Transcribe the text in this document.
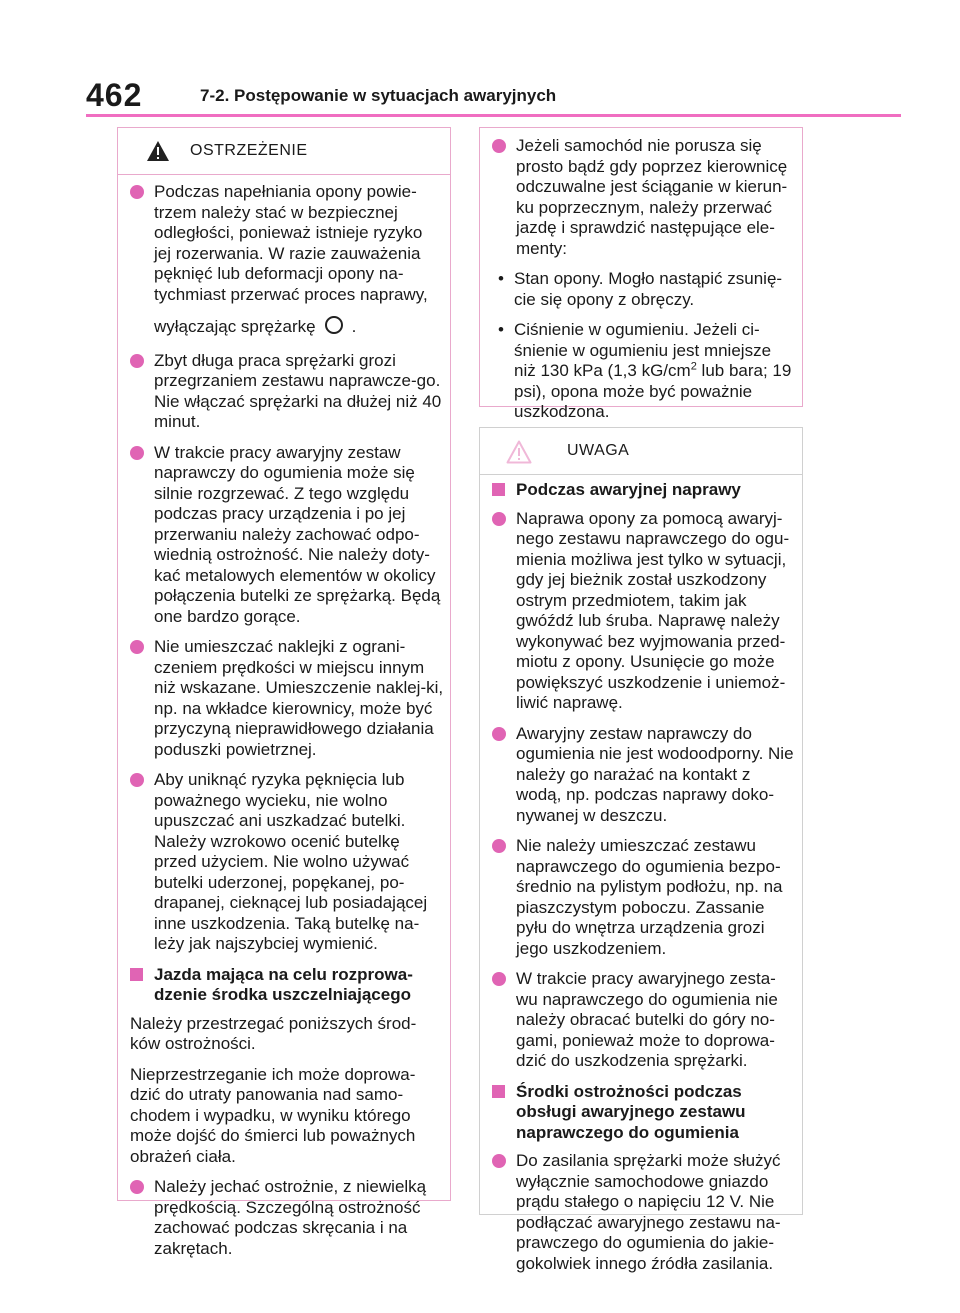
462	7-2. Postępowanie w sytuacjach awaryjnych
OSTRZEŻENIE
Podczas napełniania opony powie-trzem należy stać w bezpiecznej odległości, ponieważ istnieje ryzyko jej rozerwania. W razie zauważenia pęknięć lub deformacji opony na-tychmiast przerwać proces naprawy,
wyłączając sprężarkę .
Zbyt długa praca sprężarki grozi przegrzaniem zestawu naprawcze-go. Nie włączać sprężarki na dłużej niż 40 minut.
W trakcie pracy awaryjny zestaw naprawczy do ogumienia może się silnie rozgrzewać. Z tego względu podczas pracy urządzenia i po jej przerwaniu należy zachować odpo-wiednią ostrożność. Nie należy doty-kać metalowych elementów w okolicy połączenia butelki ze sprężarką. Będą one bardzo gorące.
Nie umieszczać naklejki z ograni-czeniem prędkości w miejscu innym niż wskazane. Umieszczenie naklej-ki, np. na wkładce kierownicy, może być przyczyną nieprawidłowego działania poduszki powietrznej.
Aby uniknąć ryzyka pęknięcia lub poważnego wycieku, nie wolno upuszczać ani uszkadzać butelki. Należy wzrokowo ocenić butelkę przed użyciem. Nie wolno używać butelki uderzonej, popękanej, po-drapanej, cieknącej lub posiadającej inne uszkodzenia. Taką butelkę na-leży jak najszybciej wymienić.
Jazda mająca na celu rozprowa-dzenie środka uszczelniającego
Należy przestrzegać poniższych środ-ków ostrożności.
Nieprzestrzeganie ich może doprowa-dzić do utraty panowania nad samo-chodem i wypadku, w wyniku którego może dojść do śmierci lub poważnych obrażeń ciała.
Należy jechać ostrożnie, z niewielką prędkością. Szczególną ostrożność zachować podczas skręcania i na zakrętach.
Jeżeli samochód nie porusza się prosto bądź gdy poprzez kierownicę odczuwalne jest ściąganie w kierun-ku poprzecznym, należy przerwać jazdę i sprawdzić następujące ele-menty:
• Stan opony. Mogło nastąpić zsunię-cie się opony z obręczy.
• Ciśnienie w ogumieniu. Jeżeli ci-śnienie w ogumieniu jest mniejsze niż 130 kPa (1,3 $kG/cm^2$ lub bara; 19 psi), opona może być poważnie uszkodzona.
UWAGA
Podczas awaryjnej naprawy
Naprawa opony za pomocą awaryj-nego zestawu naprawczego do ogu-mienia możliwa jest tylko w sytuacji, gdy jej bieżnik został uszkodzony ostrym przedmiotem, takim jak gwóźdź lub śruba. Naprawę należy wykonywać bez wyjmowania przed-miotu z opony. Usunięcie go może powiększyć uszkodzenie i uniemoż-liwić naprawę.
Awaryjny zestaw naprawczy do ogumienia nie jest wodoodporny. Nie należy go narażać na kontakt z wodą, np. podczas naprawy doko-nywanej w deszczu.
Nie należy umieszczać zestawu naprawczego do ogumienia bezpo-średnio na pylistym podłożu, np. na piaszczystym poboczu. Zassanie pyłu do wnętrza urządzenia grozi jego uszkodzeniem.
W trakcie pracy awaryjnego zesta-wu naprawczego do ogumienia nie należy obracać butelki do góry no-gami, ponieważ może to doprowa-dzić do uszkodzenia sprężarki.
Środki ostrożności podczas obsługi awaryjnego zestawu naprawczego do ogumienia
Do zasilania sprężarki może służyć wyłącznie samochodowe gniazdo prądu stałego o napięciu 12 V. Nie podłączać awaryjnego zestawu na-prawczego do ogumienia do jakie-gokolwiek innego źródła zasilania.
